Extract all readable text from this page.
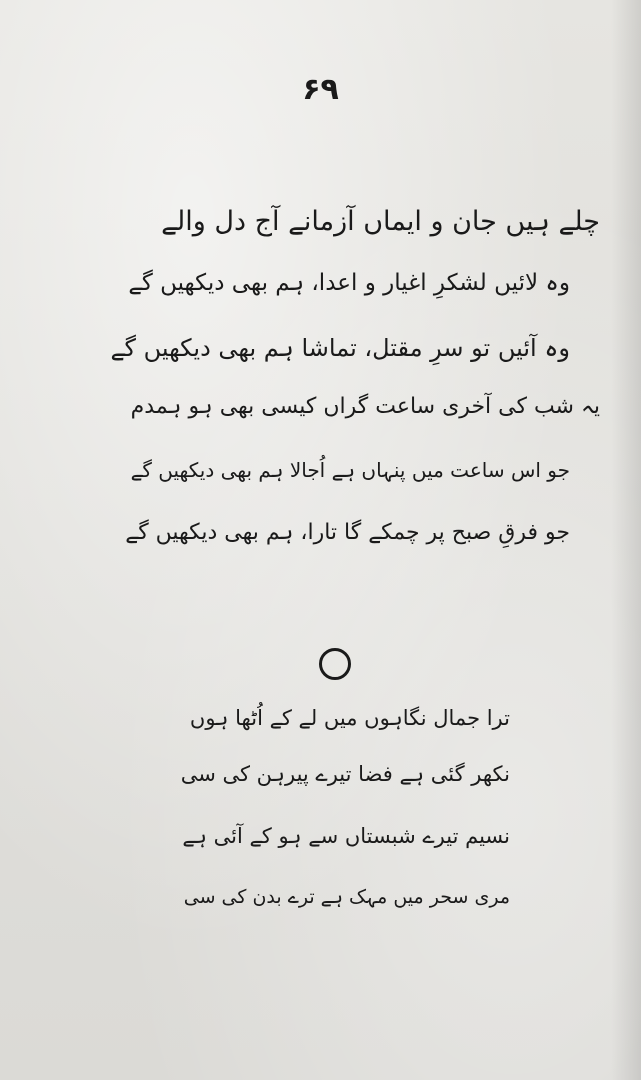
۶۹
چلے ہیں جان و ایماں آزمانے آج دل والے
وہ لائیں لشکرِ اغیار و اعدا، ہم بھی دیکھیں گے
وہ آئیں تو سرِ مقتل، تماشا ہم بھی دیکھیں گے
یہ شب کی آخری ساعت گراں کیسی بھی ہو ہمدم
جو اس ساعت میں پنہاں ہے اُجالا ہم بھی دیکھیں گے
جو فرقِ صبح پر چمکے گا تارا، ہم بھی دیکھیں گے
ترا جمال نگاہوں میں لے کے اُٹھا ہوں
نکھر گئی ہے فضا تیرے پیرہن کی سی
نسیم تیرے شبستاں سے ہو کے آئی ہے
مری سحر میں مہک ہے ترے بدن کی سی
